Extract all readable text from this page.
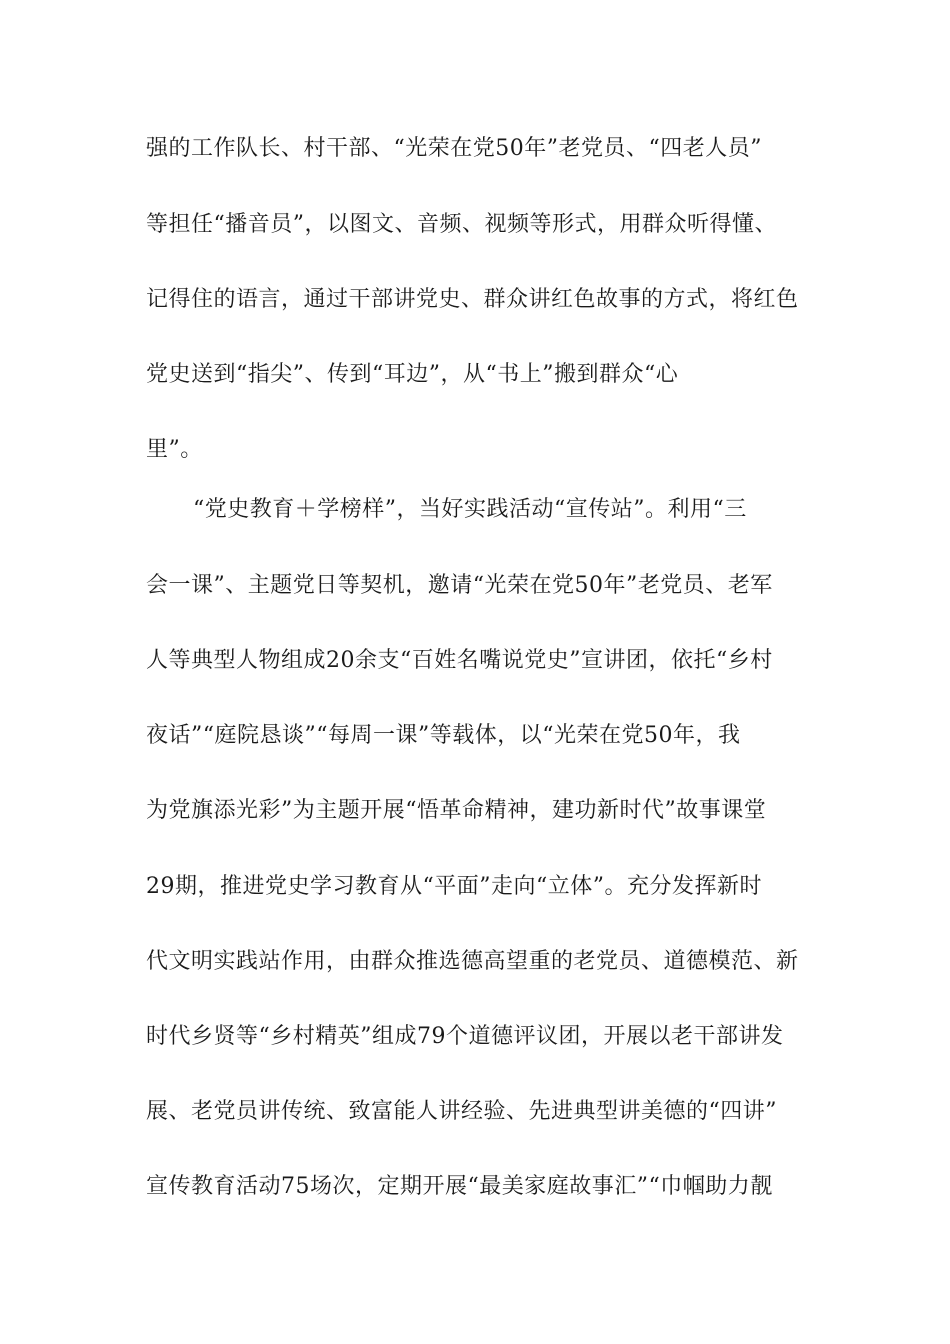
强的工作队长、村干部、“光荣在党50年”老党员、“四老人员”
等担任“播音员”，以图文、音频、视频等形式，用群众听得懂、
记得住的语言，通过干部讲党史、群众讲红色故事的方式，将红色
党史送到“指尖”、传到“耳边”，从“书上”搬到群众“心
里”。
“党史教育＋学榜样”，当好实践活动“宣传站”。利用“三
会一课”、主题党日等契机，邀请“光荣在党50年”老党员、老军
人等典型人物组成20余支“百姓名嘴说党史”宣讲团，依托“乡村
夜话”“庭院恳谈”“每周一课”等载体，以“光荣在党50年，我
为党旗添光彩”为主题开展“悟革命精神，建功新时代”故事课堂
29期，推进党史学习教育从“平面”走向“立体”。充分发挥新时
代文明实践站作用，由群众推选德高望重的老党员、道德模范、新
时代乡贤等“乡村精英”组成79个道德评议团，开展以老干部讲发
展、老党员讲传统、致富能人讲经验、先进典型讲美德的“四讲”
宣传教育活动75场次，定期开展“最美家庭故事汇”“巾帼助力靓
